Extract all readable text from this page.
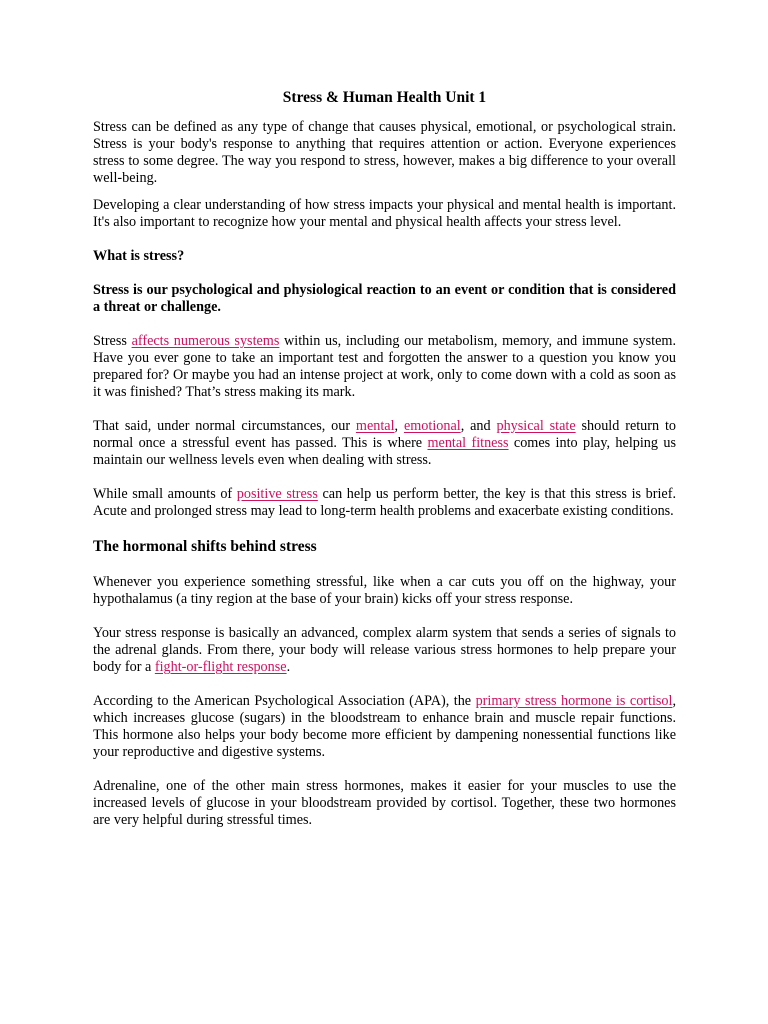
Stress & Human Health Unit 1

Stress can be defined as any type of change that causes physical, emotional, or psychological strain. Stress is your body's response to anything that requires attention or action. Everyone experiences stress to some degree. The way you respond to stress, however, makes a big difference to your overall well-being.

Developing a clear understanding of how stress impacts your physical and mental health is important. It's also important to recognize how your mental and physical health affects your stress level.

What is stress?

Stress is our psychological and physiological reaction to an event or condition that is considered a threat or challenge.

Stress affects numerous systems within us, including our metabolism, memory, and immune system. Have you ever gone to take an important test and forgotten the answer to a question you know you prepared for? Or maybe you had an intense project at work, only to come down with a cold as soon as it was finished? That’s stress making its mark.

That said, under normal circumstances, our mental, emotional, and physical state should return to normal once a stressful event has passed. This is where mental fitness comes into play, helping us maintain our wellness levels even when dealing with stress.

While small amounts of positive stress can help us perform better, the key is that this stress is brief. Acute and prolonged stress may lead to long-term health problems and exacerbate existing conditions.

The hormonal shifts behind stress

Whenever you experience something stressful, like when a car cuts you off on the highway, your hypothalamus (a tiny region at the base of your brain) kicks off your stress response.

Your stress response is basically an advanced, complex alarm system that sends a series of signals to the adrenal glands. From there, your body will release various stress hormones to help prepare your body for a fight-or-flight response.

According to the American Psychological Association (APA), the primary stress hormone is cortisol, which increases glucose (sugars) in the bloodstream to enhance brain and muscle repair functions. This hormone also helps your body become more efficient by dampening nonessential functions like your reproductive and digestive systems.

Adrenaline, one of the other main stress hormones, makes it easier for your muscles to use the increased levels of glucose in your bloodstream provided by cortisol. Together, these two hormones are very helpful during stressful times.
